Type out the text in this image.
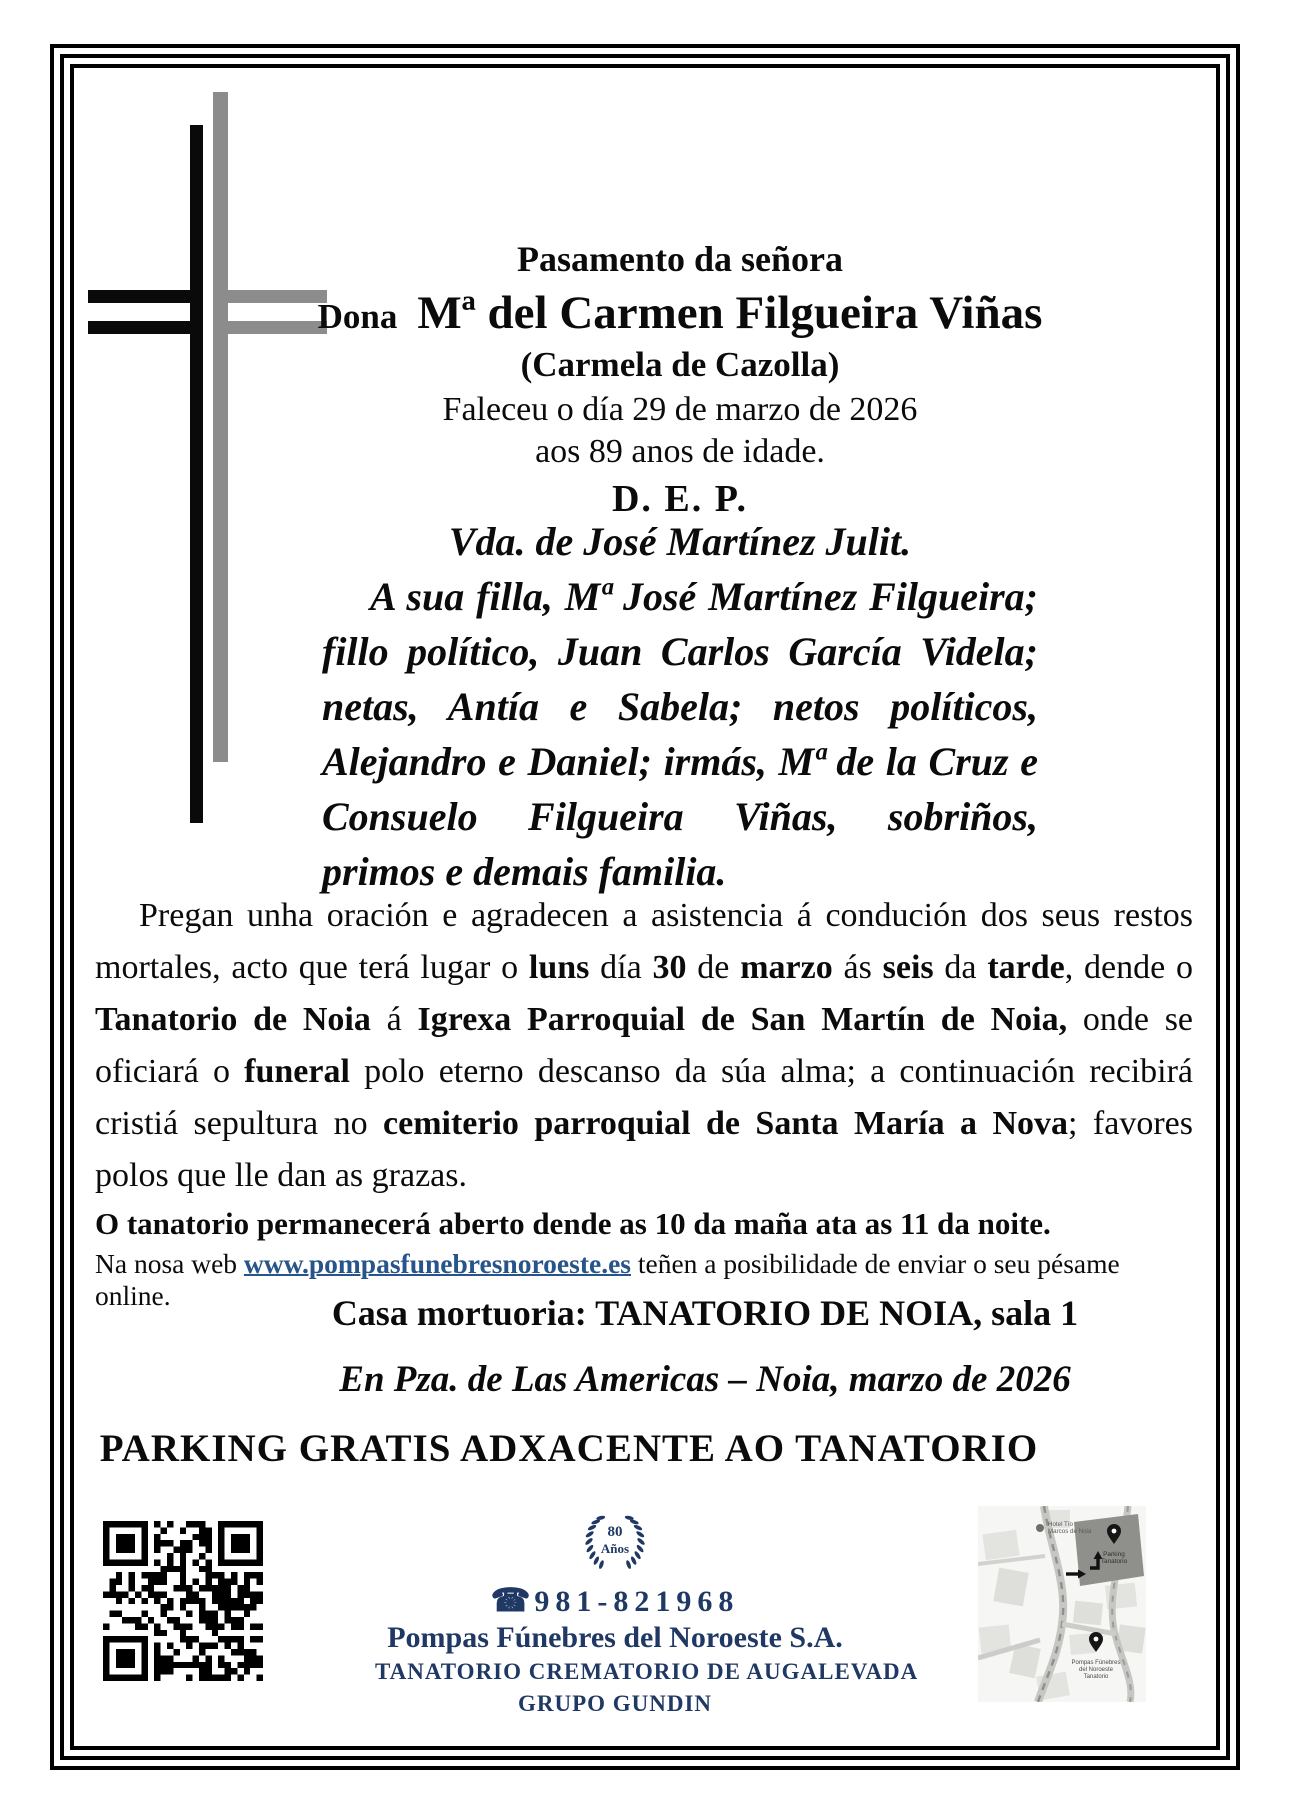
Pasamento da señora
Dona Mª del Carmen Filgueira Viñas
(Carmela de Cazolla)
Faleceu o día 29 de marzo de 2026
aos 89 anos de idade.
D. E. P.
Vda. de José Martínez Julit.
A sua filla, Mª José Martínez Filgueira; fillo político, Juan Carlos García Videla; netas, Antía e Sabela; netos políticos, Alejandro e Daniel; irmás, Mª de la Cruz e Consuelo Filgueira Viñas, sobriños, primos e demais familia.
Pregan unha oración e agradecen a asistencia á condución dos seus restos mortales, acto que terá lugar o luns día 30 de marzo ás seis da tarde, dende o Tanatorio de Noia á Igrexa Parroquial de San Martín de Noia, onde se oficiará o funeral polo eterno descanso da súa alma; a continuación recibirá cristiá sepultura no cemiterio parroquial de Santa María a Nova; favores polos que lle dan as grazas.
O tanatorio permanecerá aberto dende as 10 da maña ata as 11 da noite.
Na nosa web www.pompasfunebresnoroeste.es teñen a posibilidade de enviar o seu pésame online.	Casa mortuoria: TANATORIO DE NOIA, sala 1
En Pza. de Las Americas – Noia, marzo de 2026
PARKING GRATIS ADXACENTE AO TANATORIO
80
Años
☎ 981-821968
Pompas Fúnebres del Noroeste S.A.
TANATORIO CREMATORIO DE AUGALEVADA
GRUPO GUNDIN
Hotel Tío
Marcos de Noia
Parking
Tanatorio
Pompas Fúnebres
del Noroeste
Tanatorio
